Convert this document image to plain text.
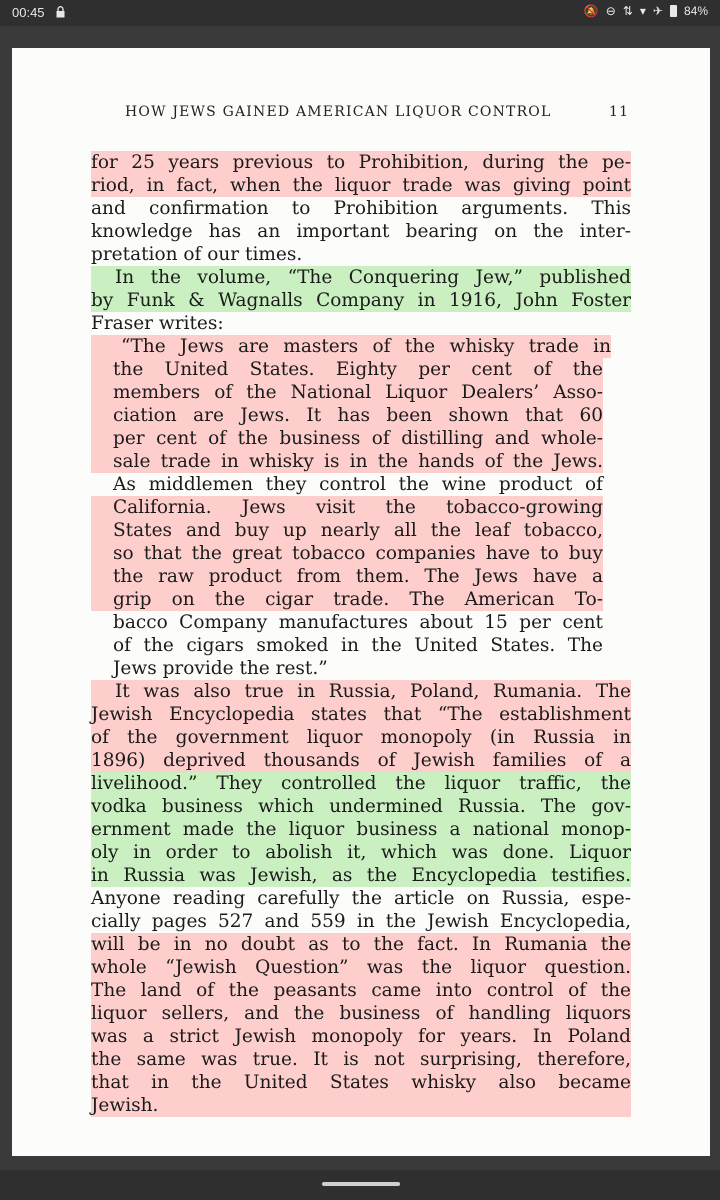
00:45	🔕 ⊖ ⇅ ▾ ✈ 84%
HOW JEWS GAINED AMERICAN LIQUOR CONTROL	11
for 25 years previous to Prohibition, during the pe-
riod, in fact, when the liquor trade was giving point
and confirmation to Prohibition arguments. This
knowledge has an important bearing on the inter-
pretation of our times.
In the volume, “The Conquering Jew,” published
by Funk & Wagnalls Company in 1916, John Foster
Fraser writes:
“The Jews are masters of the whisky trade in
the United States. Eighty per cent of the
members of the National Liquor Dealers’ Asso-
ciation are Jews. It has been shown that 60
per cent of the business of distilling and whole-
sale trade in whisky is in the hands of the Jews.
As middlemen they control the wine product of
California. Jews visit the tobacco-growing
States and buy up nearly all the leaf tobacco,
so that the great tobacco companies have to buy
the raw product from them. The Jews have a
grip on the cigar trade. The American To-
bacco Company manufactures about 15 per cent
of the cigars smoked in the United States. The
Jews provide the rest.”
It was also true in Russia, Poland, Rumania. The
Jewish Encyclopedia states that “The establishment
of the government liquor monopoly (in Russia in
1896) deprived thousands of Jewish families of a
livelihood.” They controlled the liquor traffic, the
vodka business which undermined Russia. The gov-
ernment made the liquor business a national monop-
oly in order to abolish it, which was done. Liquor
in Russia was Jewish, as the Encyclopedia testifies.
Anyone reading carefully the article on Russia, espe-
cially pages 527 and 559 in the Jewish Encyclopedia,
will be in no doubt as to the fact. In Rumania the
whole “Jewish Question” was the liquor question.
The land of the peasants came into control of the
liquor sellers, and the business of handling liquors
was a strict Jewish monopoly for years. In Poland
the same was true. It is not surprising, therefore,
that in the United States whisky also became
Jewish.
